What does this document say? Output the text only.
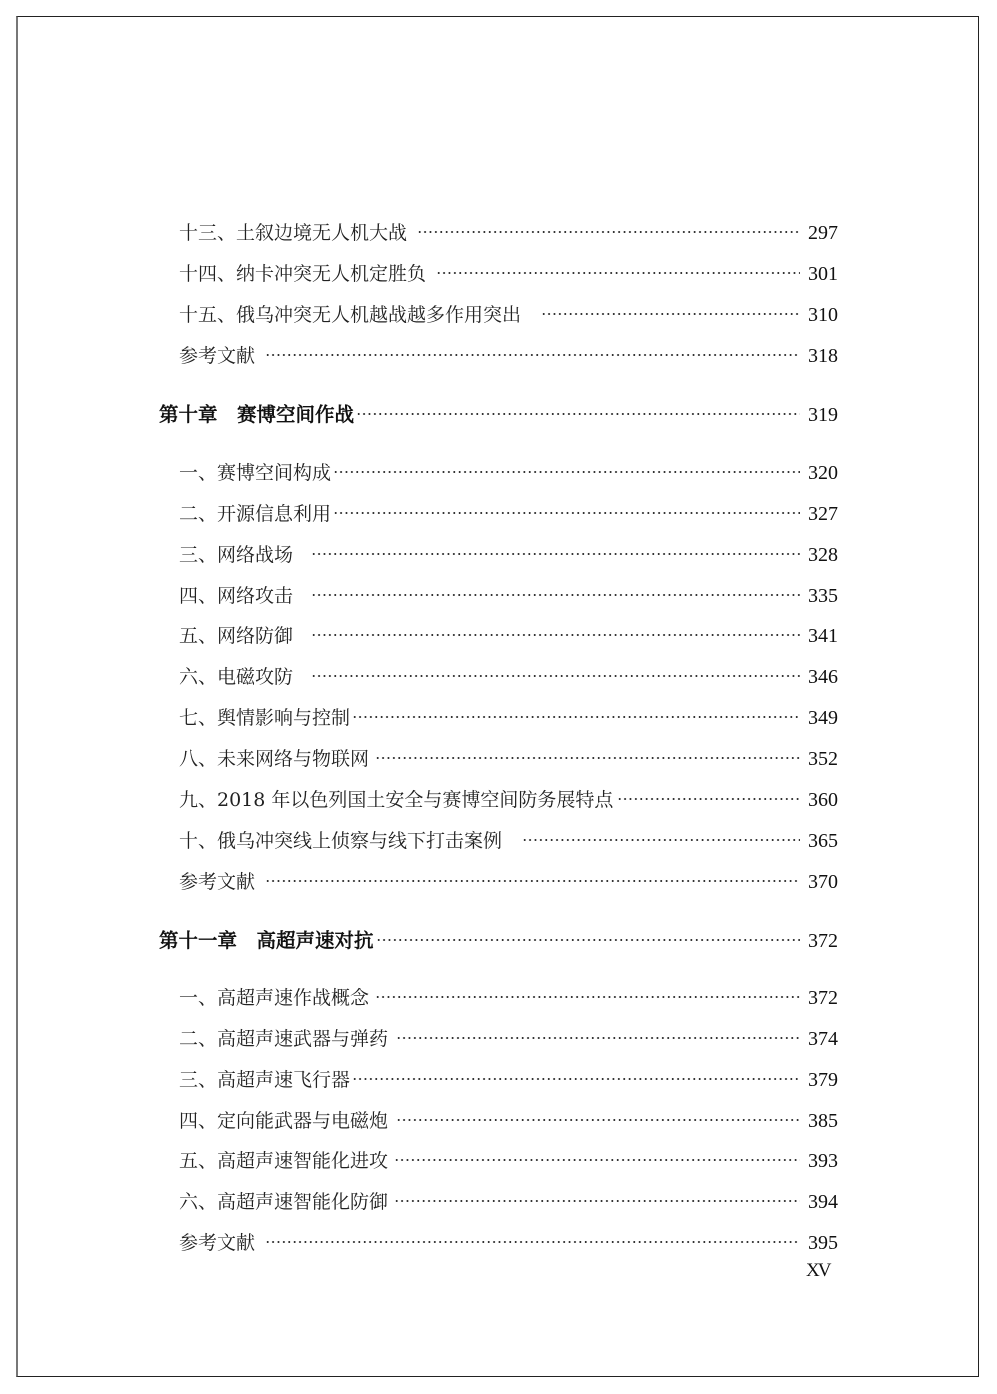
十三、土叙边境无人机大战	297
十四、纳卡冲突无人机定胜负	301
十五、俄乌冲突无人机越战越多作用突出	310
参考文献	318
第十章　赛博空间作战	319
一、赛博空间构成	320
二、开源信息利用	327
三、网络战场	328
四、网络攻击	335
五、网络防御	341
六、电磁攻防	346
七、舆情影响与控制	349
八、未来网络与物联网	352
九、2018 年以色列国土安全与赛博空间防务展特点	360
十、俄乌冲突线上侦察与线下打击案例	365
参考文献	370
第十一章　高超声速对抗	372
一、高超声速作战概念	372
二、高超声速武器与弹药	374
三、高超声速飞行器	379
四、定向能武器与电磁炮	385
五、高超声速智能化进攻	393
六、高超声速智能化防御	394
参考文献	395
XV
